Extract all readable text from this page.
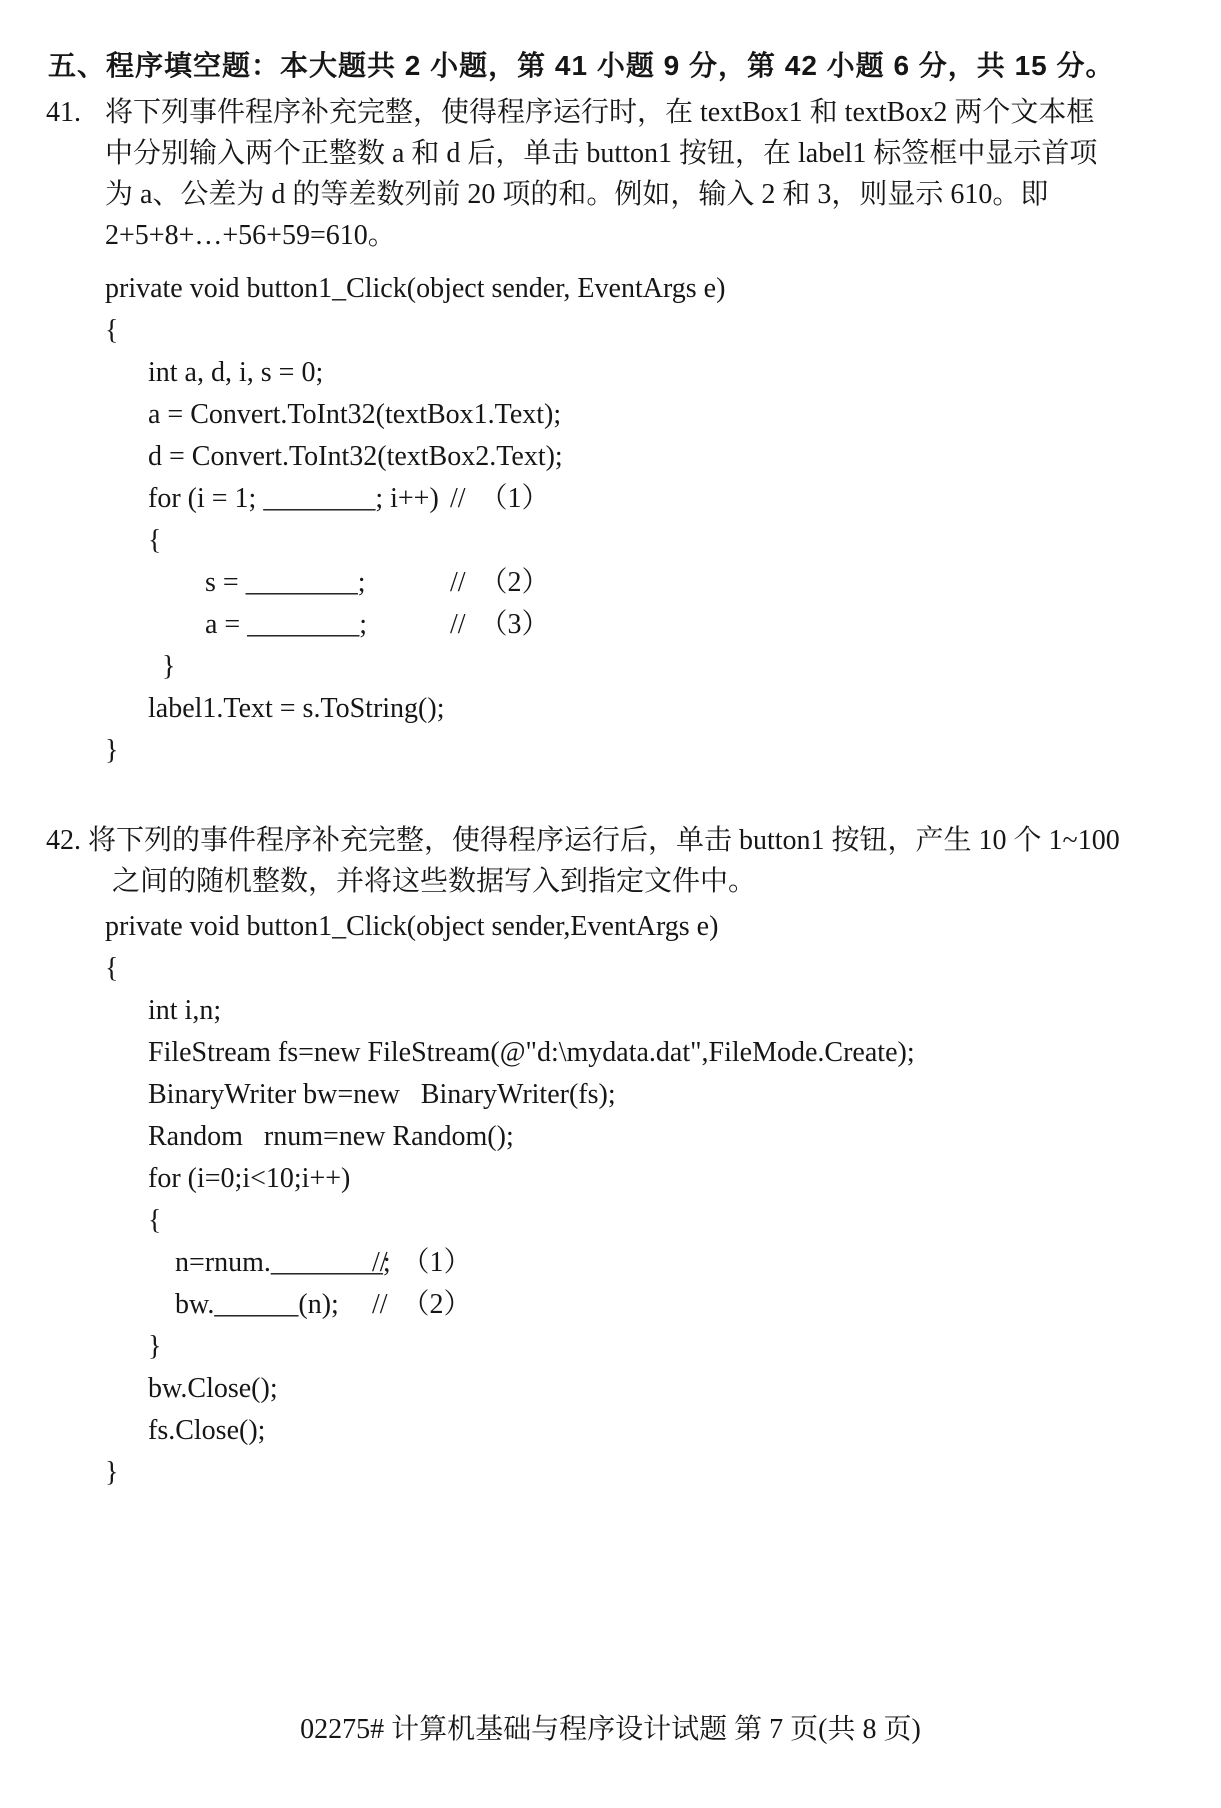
五、程序填空题：本大题共 2 小题，第 41 小题 9 分，第 42 小题 6 分，共 15 分。
41. 将下列事件程序补充完整，使得程序运行时，在 textBox1 和 textBox2 两个文本框
中分别输入两个正整数 a 和 d 后，单击 button1 按钮，在 label1 标签框中显示首项
为 a、公差为 d 的等差数列前 20 项的和。例如，输入 2 和 3，则显示 610。即
2+5+8+…+56+59=610。
private void button1_Click(object sender, EventArgs e)
{
int a, d, i, s = 0;
a = Convert.ToInt32(textBox1.Text);
d = Convert.ToInt32(textBox2.Text);
for (i = 1; ________; i++) //　（1）
{
s = ________;	//　（2）
a = ________;	//　（3）
}
label1.Text = s.ToString();
}
42. 将下列的事件程序补充完整，使得程序运行后，单击 button1 按钮，产生 10 个 1~100
之间的随机整数，并将这些数据写入到指定文件中。
private void button1_Click(object sender,EventArgs e)
{
int i,n;
FileStream fs=new FileStream(@"d:\mydata.dat",FileMode.Create);
BinaryWriter bw=new   BinaryWriter(fs);
Random   rnum=new Random();
for (i=0;i<10;i++)
{
n=rnum.________;
//　（1）
bw.______(n); //　（2）
}
bw.Close();
fs.Close();
}
02275# 计算机基础与程序设计试题 第 7 页(共 8 页)
